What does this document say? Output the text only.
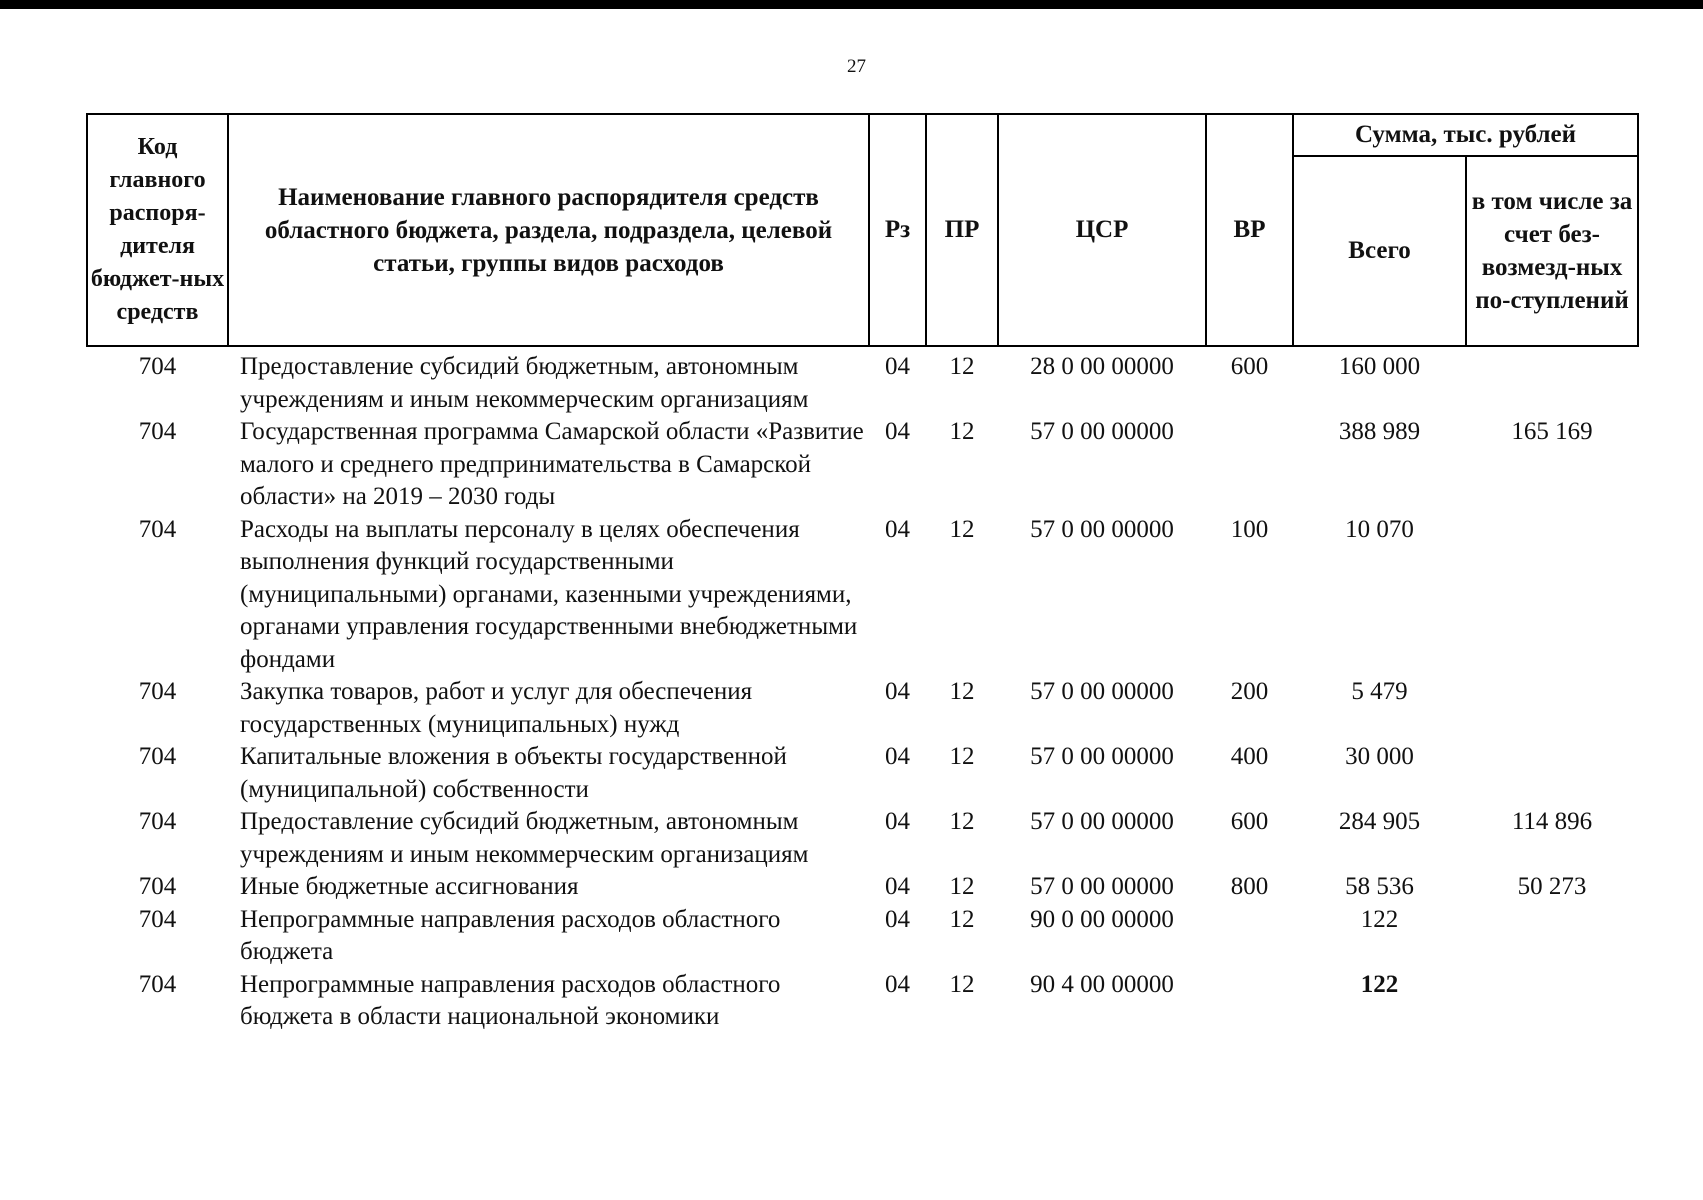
27
Код главного распоря-дителя бюджет-ных средств	Наименование главного распорядителя средств областного бюджета, раздела, подраздела, целевой статьи, группы видов расходов	Рз	ПР	ЦСР	ВР	Сумма, тыс. рублей	
						Всего	в том числе за счет без-возмезд-ных по-ступлений
704	Предоставление субсидий бюджетным, автономным учреждениям и иным некоммерческим организациям	04	12	28 0 00 00000	600	160 000	
704	Государственная программа Самарской области «Развитие малого и среднего предпринимательства в Самарской области» на 2019 – 2030 годы	04	12	57 0 00 00000		388 989	165 169
704	Расходы на выплаты персоналу в целях обеспечения выполнения функций государственными (муниципальными) органами, казенными учреждениями, органами управления государственными внебюджетными фондами	04	12	57 0 00 00000	100	10 070	
704	Закупка товаров, работ и услуг для обеспечения государственных (муниципальных) нужд	04	12	57 0 00 00000	200	5 479	
704	Капитальные вложения в объекты государственной (муниципальной) собственности	04	12	57 0 00 00000	400	30 000	
704	Предоставление субсидий бюджетным, автономным учреждениям и иным некоммерческим организациям	04	12	57 0 00 00000	600	284 905	114 896
704	Иные бюджетные ассигнования	04	12	57 0 00 00000	800	58 536	50 273
704	Непрограммные направления расходов областного бюджета	04	12	90 0 00 00000		122	
704	Непрограммные направления расходов областного бюджета в области национальной экономики	04	12	90 4 00 00000		122	
